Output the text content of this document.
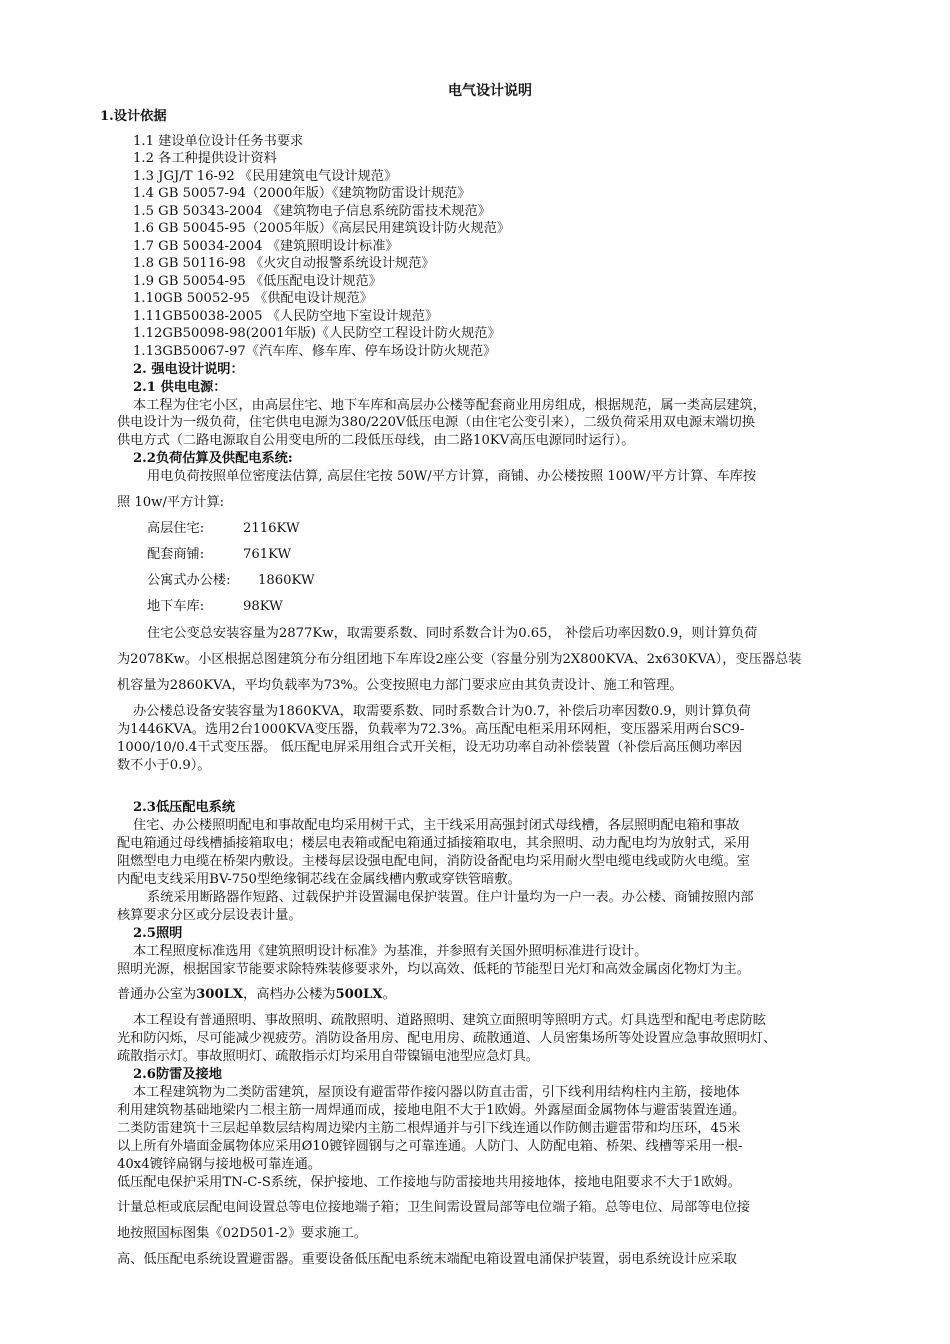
电气设计说明
1.设计依据
1.1 建设单位设计任务书要求
1.2 各工种提供设计资料
1.3 JGJ/T 16-92 《民用建筑电气设计规范》
1.4 GB 50057-94（2000年版）《建筑物防雷设计规范》
1.5 GB 50343-2004 《建筑物电子信息系统防雷技术规范》
1.6 GB 50045-95（2005年版）《高层民用建筑设计防火规范》
1.7 GB 50034-2004 《建筑照明设计标准》
1.8 GB 50116-98 《火灾自动报警系统设计规范》
1.9 GB 50054-95 《低压配电设计规范》
1.10GB 50052-95 《供配电设计规范》
1.11GB50038-2005 《人民防空地下室设计规范》
1.12GB50098-98(2001年版)《人民防空工程设计防火规范》
1.13GB50067-97《汽车库、修车库、停车场设计防火规范》
2. 强电设计说明：
2.1 供电电源：
本工程为住宅小区，由高层住宅、地下车库和高层办公楼等配套商业用房组成，根据规范，属一类高层建筑，
供电设计为一级负荷，住宅供电电源为380/220V低压电源（由住宅公变引来），二级负荷采用双电源末端切换
供电方式（二路电源取自公用变电所的二段低压母线，由二路10KV高压电源同时运行）。
2.2负荷估算及供配电系统:
用电负荷按照单位密度法估算, 高层住宅按 50W/平方计算，商铺、办公楼按照 100W/平方计算、车库按
照 10w/平方计算:
高层住宅:	2116KW
配套商铺:	761KW
公寓式办公楼: 1860KW
地下车库:	98KW
住宅公变总安装容量为2877Kw，取需要系数、同时系数合计为0.65， 补偿后功率因数0.9，则计算负荷
为2078Kw。小区根据总图建筑分布分组团地下车库设2座公变（容量分别为2X800KVA、2x630KVA），变压器总装
机容量为2860KVA，平均负载率为73%。公变按照电力部门要求应由其负责设计、施工和管理。
办公楼总设备安装容量为1860KVA，取需要系数、同时系数合计为0.7，补偿后功率因数0.9，则计算负荷
为1446KVA。选用2台1000KVA变压器，负载率为72.3%。高压配电柜采用环网柜，变压器采用两台SC9-
1000/10/0.4干式变压器。 低压配电屏采用组合式开关柜，设无功功率自动补偿装置（补偿后高压侧功率因
数不小于0.9）。
2.3低压配电系统
住宅、办公楼照明配电和事故配电均采用树干式，主干线采用高强封闭式母线槽，各层照明配电箱和事故
配电箱通过母线槽插接箱取电；楼层电表箱或配电箱通过插接箱取电，其余照明、动力配电均为放射式，采用
阻燃型电力电缆在桥架内敷设。主楼每层设强电配电间，消防设备配电均采用耐火型电缆电线或防火电缆。室
内配电支线采用BV-750型绝缘铜芯线在金属线槽内敷或穿铁管暗敷。
系统采用断路器作短路、过载保护并设置漏电保护装置。住户计量均为一户一表。办公楼、商铺按照内部
核算要求分区或分层设表计量。
2.5照明
本工程照度标准选用《建筑照明设计标准》为基准，并参照有关国外照明标准进行设计。
照明光源，根据国家节能要求除特殊装修要求外，均以高效、低耗的节能型日光灯和高效金属卤化物灯为主。
普通办公室为300LX，高档办公楼为500LX。
本工程设有普通照明、事故照明、疏散照明、道路照明、建筑立面照明等照明方式。灯具选型和配电考虑防眩
光和防闪烁，尽可能减少视疲劳。消防设备用房、配电用房、疏散通道、人员密集场所等处设置应急事故照明灯、
疏散指示灯。事故照明灯、疏散指示灯均采用自带镍镉电池型应急灯具。
2.6防雷及接地
本工程建筑物为二类防雷建筑，屋顶设有避雷带作接闪器以防直击雷，引下线利用结构柱内主筋，接地体
利用建筑物基础地梁内二根主筋一周焊通而成，接地电阻不大于1欧姆。外露屋面金属物体与避雷装置连通。
二类防雷建筑十三层起单数层结构周边梁内主筋二根焊通并与引下线连通以作防侧击避雷带和均压环，45米
以上所有外墙面金属物体应采用Ø10镀锌圆钢与之可靠连通。人防门、人防配电箱、桥架、线槽等采用一根-
40x4镀锌扁钢与接地极可靠连通。
低压配电保护采用TN-C-S系统，保护接地、工作接地与防雷接地共用接地体，接地电阻要求不大于1欧姆。
计量总柜或底层配电间设置总等电位接地端子箱；卫生间需设置局部等电位端子箱。总等电位、局部等电位接
地按照国标图集《02D501-2》要求施工。
高、低压配电系统设置避雷器。重要设备低压配电系统末端配电箱设置电涌保护装置，弱电系统设计应采取
